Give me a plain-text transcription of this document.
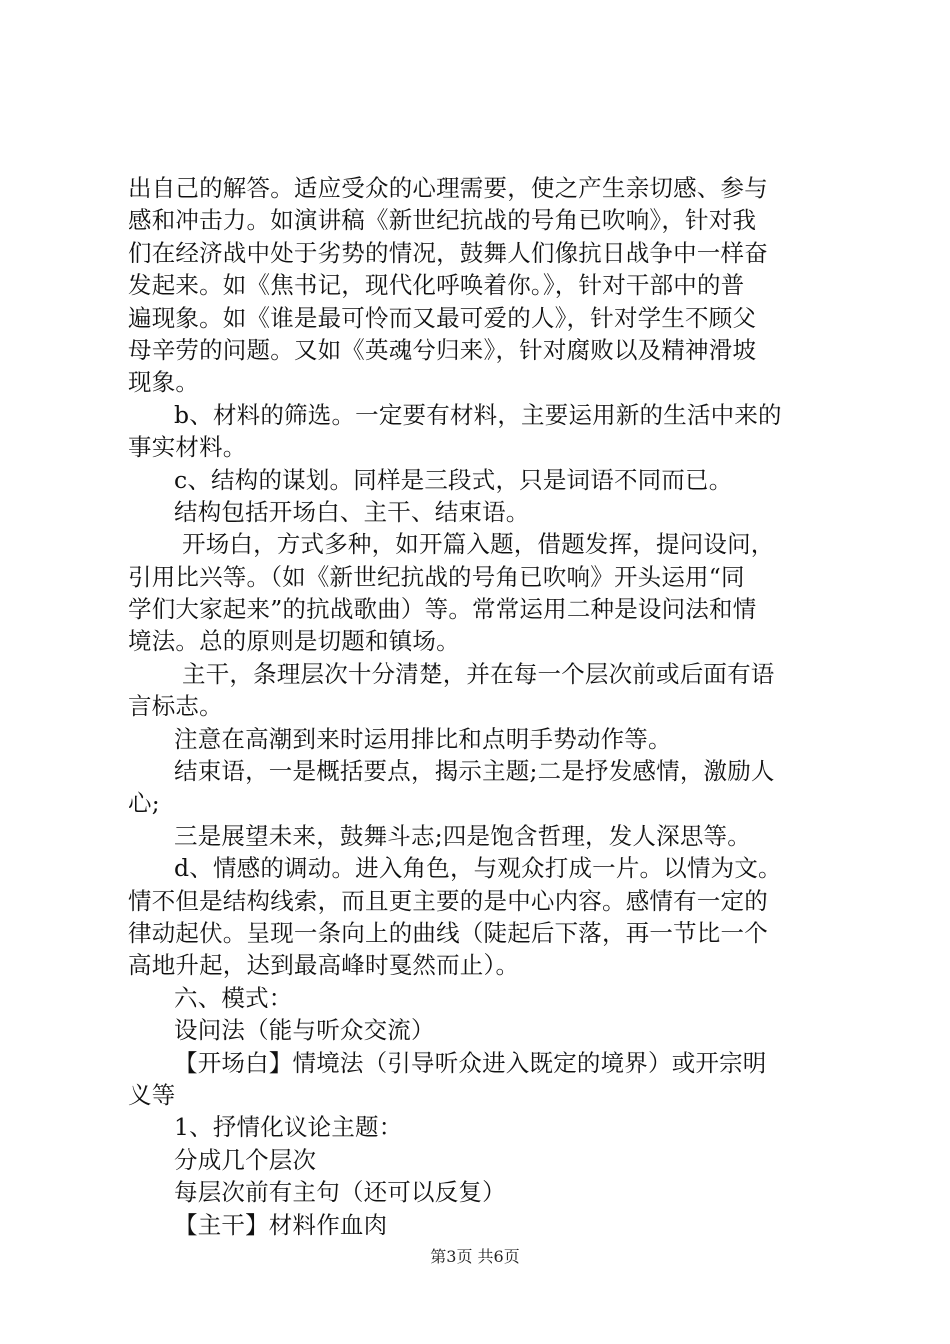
出自己的解答。适应受众的心理需要，使之产生亲切感、参与
感和冲击力。如演讲稿《新世纪抗战的号角已吹响》，针对我
们在经济战中处于劣势的情况，鼓舞人们像抗日战争中一样奋
发起来。如《焦书记，现代化呼唤着你。》，针对干部中的普
遍现象。如《谁是最可怜而又最可爱的人》，针对学生不顾父
母辛劳的问题。又如《英魂兮归来》，针对腐败以及精神滑坡
现象。
b、材料的筛选。一定要有材料，主要运用新的生活中来的
事实材料。
c、结构的谋划。同样是三段式，只是词语不同而已。
结构包括开场白、主干、结束语。
开场白，方式多种，如开篇入题，借题发挥，提问设问，
引用比兴等。（如《新世纪抗战的号角已吹响》开头运用“同
学们大家起来”的抗战歌曲）等。常常运用二种是设问法和情
境法。总的原则是切题和镇场。
主干，条理层次十分清楚，并在每一个层次前或后面有语
言标志。
注意在高潮到来时运用排比和点明手势动作等。
结束语，一是概括要点，揭示主题;二是抒发感情，激励人
心;
三是展望未来，鼓舞斗志;四是饱含哲理，发人深思等。
d、情感的调动。进入角色，与观众打成一片。以情为文。
情不但是结构线索，而且更主要的是中心内容。感情有一定的
律动起伏。呈现一条向上的曲线（陡起后下落，再一节比一个
高地升起，达到最高峰时戛然而止）。
六、模式：
设问法（能与听众交流）
【开场白】情境法（引导听众进入既定的境界）或开宗明
义等
1、抒情化议论主题：
分成几个层次
每层次前有主句（还可以反复）
【主干】材料作血肉
第3页 共6页
